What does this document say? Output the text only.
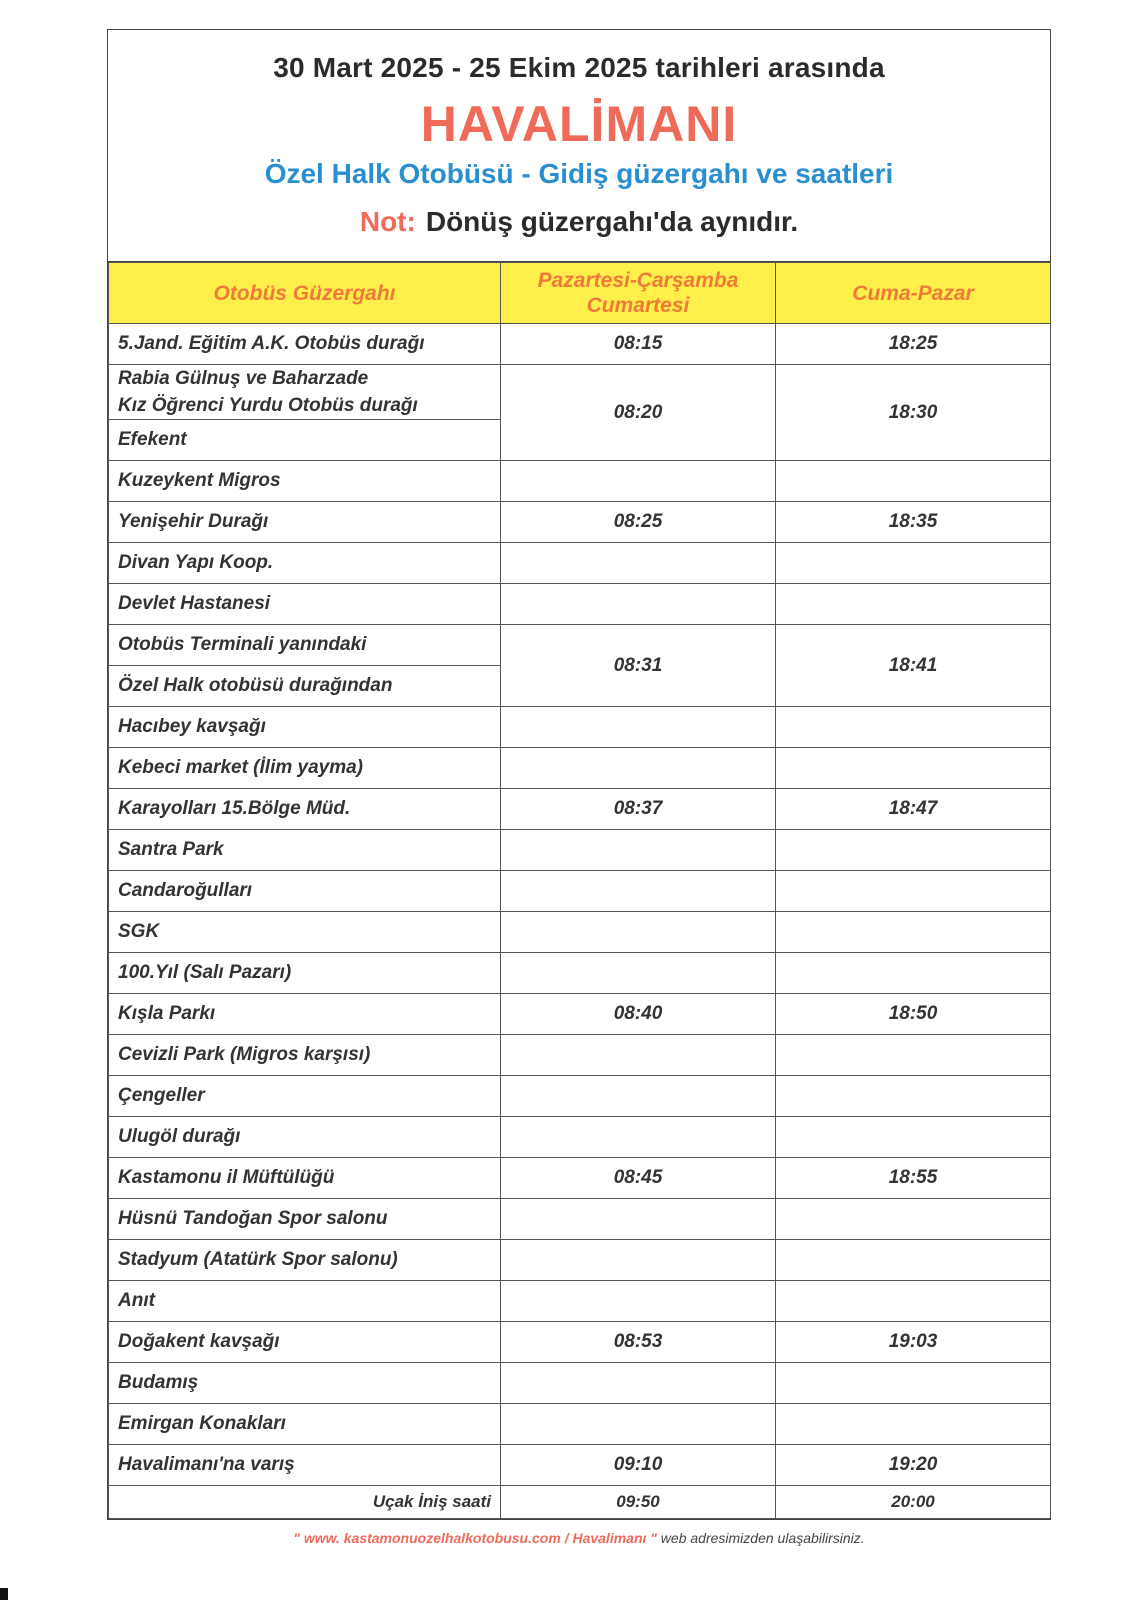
30 Mart 2025 - 25 Ekim 2025 tarihleri arasında
HAVALİMANI
Özel Halk Otobüsü - Gidiş güzergahı ve saatleri
Not: Dönüş güzergahı'da aynıdır.
Otobüs Güzergahı	Pazartesi-Çarşamba Cumartesi	Cuma-Pazar
5.Jand. Eğitim A.K. Otobüs durağı	08:15	18:25
Rabia Gülnuş ve Baharzade
Kız Öğrenci Yurdu Otobüs durağı	08:20	18:30
Efekent		
Kuzeykent Migros		
Yenişehir Durağı	08:25	18:35
Divan Yapı Koop.		
Devlet Hastanesi		
Otobüs Terminali yanındaki	08:31	18:41
Özel Halk otobüsü durağından		
Hacıbey kavşağı		
Kebeci market (İlim yayma)		
Karayolları 15.Bölge Müd.	08:37	18:47
Santra Park		
Candaroğulları		
SGK		
100.Yıl (Salı Pazarı)		
Kışla Parkı	08:40	18:50
Cevizli Park (Migros karşısı)		
Çengeller		
Ulugöl durağı		
Kastamonu il Müftülüğü	08:45	18:55
Hüsnü Tandoğan Spor salonu		
Stadyum (Atatürk Spor salonu)		
Anıt		
Doğakent kavşağı	08:53	19:03
Budamış		
Emirgan Konakları		
Havalimanı'na varış	09:10	19:20
Uçak İniş saati	09:50	20:00
" www. kastamonuozelhalkotobusu.com / Havalimanı " web adresimizden ulaşabilirsiniz.
